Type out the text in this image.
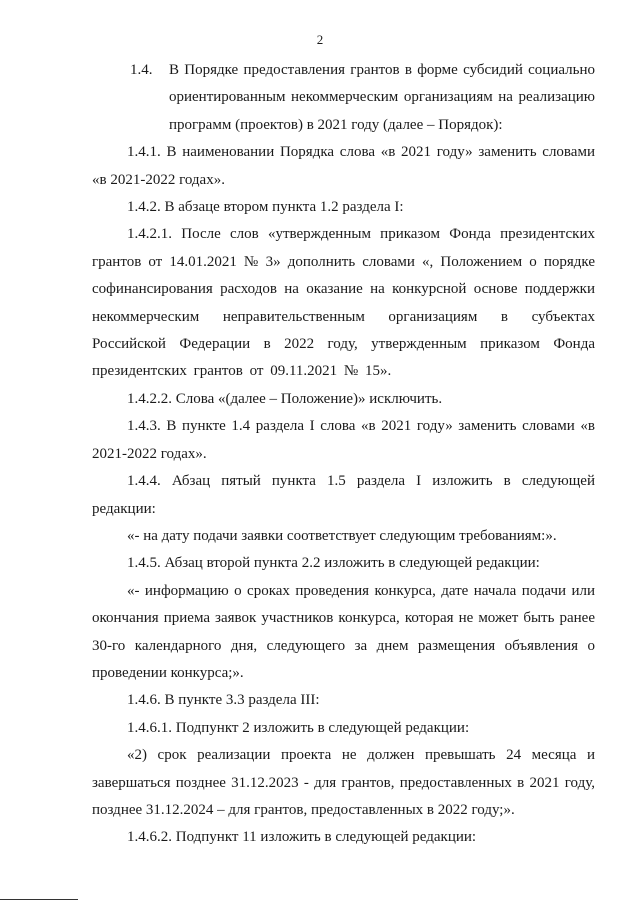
2

1.4. В Порядке предоставления грантов в форме субсидий социально ориентированным некоммерческим организациям на реализацию программ (проектов) в 2021 году (далее – Порядок):

1.4.1. В наименовании Порядка слова «в 2021 году» заменить словами «в 2021-2022 годах».

1.4.2. В абзаце втором пункта 1.2 раздела I:

1.4.2.1. После слов «утвержденным приказом Фонда президентских грантов от 14.01.2021 № 3» дополнить словами «, Положением о порядке софинансирования расходов на оказание на конкурсной основе поддержки некоммерческим неправительственным организациям в субъектах Российской Федерации в 2022 году, утвержденным приказом Фонда президентских грантов от 09.11.2021 № 15».

1.4.2.2. Слова «(далее – Положение)» исключить.

1.4.3. В пункте 1.4 раздела I слова «в 2021 году» заменить словами «в 2021-2022 годах».

1.4.4. Абзац пятый пункта 1.5 раздела I изложить в следующей редакции:

«- на дату подачи заявки соответствует следующим требованиям:».

1.4.5. Абзац второй пункта 2.2 изложить в следующей редакции:

«- информацию о сроках проведения конкурса, дате начала подачи или окончания приема заявок участников конкурса, которая не может быть ранее 30-го календарного дня, следующего за днем размещения объявления о проведении конкурса;».

1.4.6. В пункте 3.3 раздела III:

1.4.6.1. Подпункт 2 изложить в следующей редакции:

«2) срок реализации проекта не должен превышать 24 месяца и завершаться позднее 31.12.2023 - для грантов, предоставленных в 2021 году, позднее 31.12.2024 – для грантов, предоставленных в 2022 году;».

1.4.6.2. Подпункт 11 изложить в следующей редакции:
